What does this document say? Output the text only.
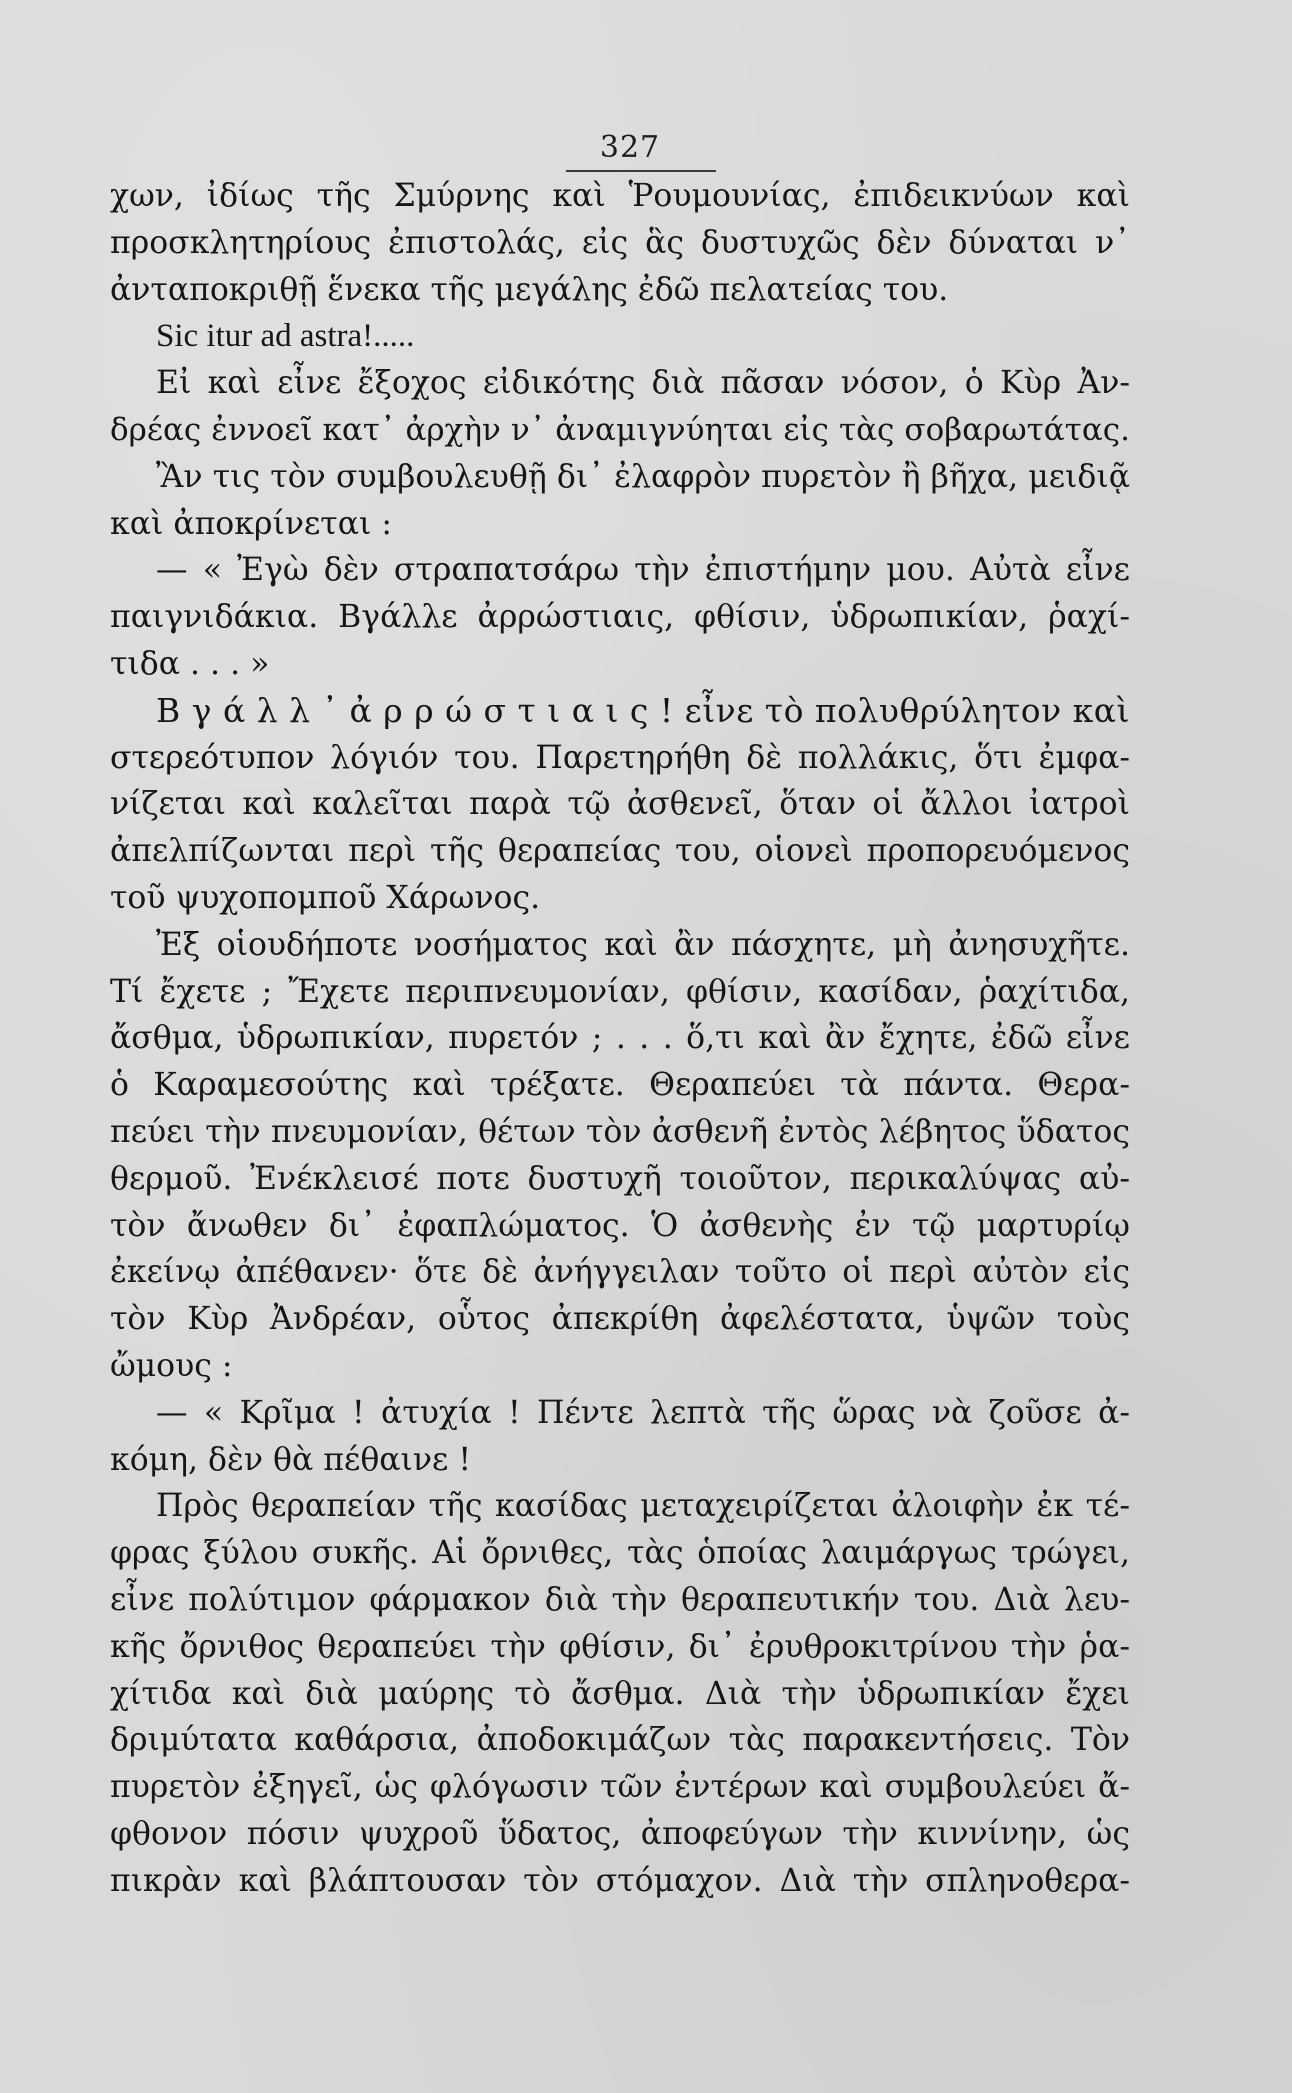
327
χων, ἰδίως τῆς Σμύρνης καὶ Ῥουμουνίας, ἐπιδεικνύων καὶ
προσκλητηρίους ἐπιστολάς, εἰς ἃς δυστυχῶς δὲν δύναται ν᾽
ἀνταποκριθῇ ἕνεκα τῆς μεγάλης ἐδῶ πελατείας του.
Sic itur ad astra!.....
Εἰ καὶ εἶνε ἔξοχος εἰδικότης διὰ πᾶσαν νόσον, ὁ Κὺρ Ἀν-
δρέας ἐννοεῖ κατ᾽ ἀρχὴν ν᾽ ἀναμιγνύηται εἰς τὰς σοβαρωτάτας.
Ἂν τις τὸν συμβουλευθῇ δι᾽ ἐλαφρὸν πυρετὸν ἢ βῆχα, μειδιᾷ
καὶ ἀποκρίνεται :
— « Ἐγὼ δὲν στραπατσάρω τὴν ἐπιστήμην μου. Αὐτὰ εἶνε
παιγνιδάκια. Βγάλλε ἀρρώστιαις, φθίσιν, ὑδρωπικίαν, ῥαχί-
τιδα . . . »
Β γ ά λ λ ᾽ ἀ ρ ρ ώ σ τ ι α ι ς ! εἶνε τὸ πολυθρύλητον καὶ
στερεότυπον λόγιόν του. Παρετηρήθη δὲ πολλάκις, ὅτι ἐμφα-
νίζεται καὶ καλεῖται παρὰ τῷ ἀσθενεῖ, ὅταν οἱ ἄλλοι ἰατροὶ
ἀπελπίζωνται περὶ τῆς θεραπείας του, οἱονεὶ προπορευόμενος
τοῦ ψυχοπομποῦ Χάρωνος.
Ἐξ οἱουδήποτε νοσήματος καὶ ἂν πάσχητε, μὴ ἀνησυχῆτε.
Τί ἔχετε ; Ἔχετε περιπνευμονίαν, φθίσιν, κασίδαν, ῥαχίτιδα,
ἄσθμα, ὑδρωπικίαν, πυρετόν ; . . . ὅ,τι καὶ ἂν ἔχητε, ἐδῶ εἶνε
ὁ Καραμεσούτης καὶ τρέξατε. Θεραπεύει τὰ πάντα. Θερα-
πεύει τὴν πνευμονίαν, θέτων τὸν ἀσθενῆ ἐντὸς λέβητος ὕδατος
θερμοῦ. Ἐνέκλεισέ ποτε δυστυχῆ τοιοῦτον, περικαλύψας αὐ-
τὸν ἄνωθεν δι᾽ ἐφαπλώματος. Ὁ ἀσθενὴς ἐν τῷ μαρτυρίῳ
ἐκείνῳ ἀπέθανεν· ὅτε δὲ ἀνήγγειλαν τοῦτο οἱ περὶ αὐτὸν εἰς
τὸν Κὺρ Ἀνδρέαν, οὗτος ἀπεκρίθη ἀφελέστατα, ὑψῶν τοὺς
ὤμους :
— « Κρῖμα ! ἀτυχία ! Πέντε λεπτὰ τῆς ὥρας νὰ ζοῦσε ἀ-
κόμη, δὲν θὰ πέθαινε !
Πρὸς θεραπείαν τῆς κασίδας μεταχειρίζεται ἀλοιφὴν ἐκ τέ-
φρας ξύλου συκῆς. Αἱ ὄρνιθες, τὰς ὁποίας λαιμάργως τρώγει,
εἶνε πολύτιμον φάρμακον διὰ τὴν θεραπευτικήν του. Διὰ λευ-
κῆς ὄρνιθος θεραπεύει τὴν φθίσιν, δι᾽ ἐρυθροκιτρίνου τὴν ῥα-
χίτιδα καὶ διὰ μαύρης τὸ ἄσθμα. Διὰ τὴν ὑδρωπικίαν ἔχει
δριμύτατα καθάρσια, ἀποδοκιμάζων τὰς παρακεντήσεις. Τὸν
πυρετὸν ἐξηγεῖ, ὡς φλόγωσιν τῶν ἐντέρων καὶ συμβουλεύει ἄ-
φθονον πόσιν ψυχροῦ ὕδατος, ἀποφεύγων τὴν κιννίνην, ὡς
πικρὰν καὶ βλάπτουσαν τὸν στόμαχον. Διὰ τὴν σπληνοθερα-
